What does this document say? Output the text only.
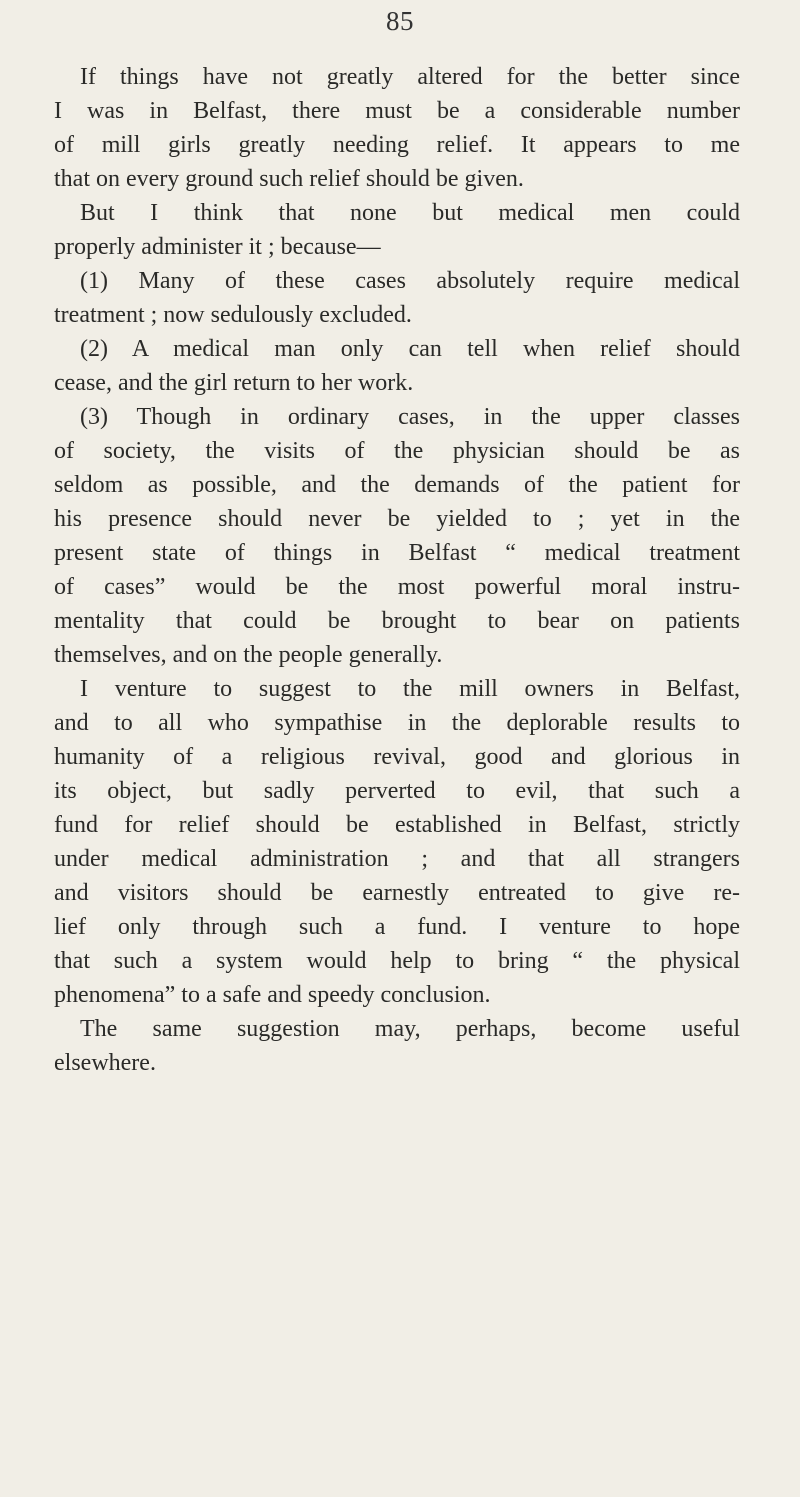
85
If things have not greatly altered for the better since
I was in Belfast, there must be a considerable number
of mill girls greatly needing relief. It appears to me
that on every ground such relief should be given.
But I think that none but medical men could
properly administer it ; because—
(1) Many of these cases absolutely require medical
treatment ; now sedulously excluded.
(2) A medical man only can tell when relief should
cease, and the girl return to her work.
(3) Though in ordinary cases, in the upper classes
of society, the visits of the physician should be as
seldom as possible, and the demands of the patient for
his presence should never be yielded to ; yet in the
present state of things in Belfast “ medical treatment
of cases” would be the most powerful moral instru-
mentality that could be brought to bear on patients
themselves, and on the people generally.
I venture to suggest to the mill owners in Belfast,
and to all who sympathise in the deplorable results to
humanity of a religious revival, good and glorious in
its object, but sadly perverted to evil, that such a
fund for relief should be established in Belfast, strictly
under medical administration ; and that all strangers
and visitors should be earnestly entreated to give re-
lief only through such a fund. I venture to hope
that such a system would help to bring “ the physical
phenomena” to a safe and speedy conclusion.
The same suggestion may, perhaps, become useful
elsewhere.
